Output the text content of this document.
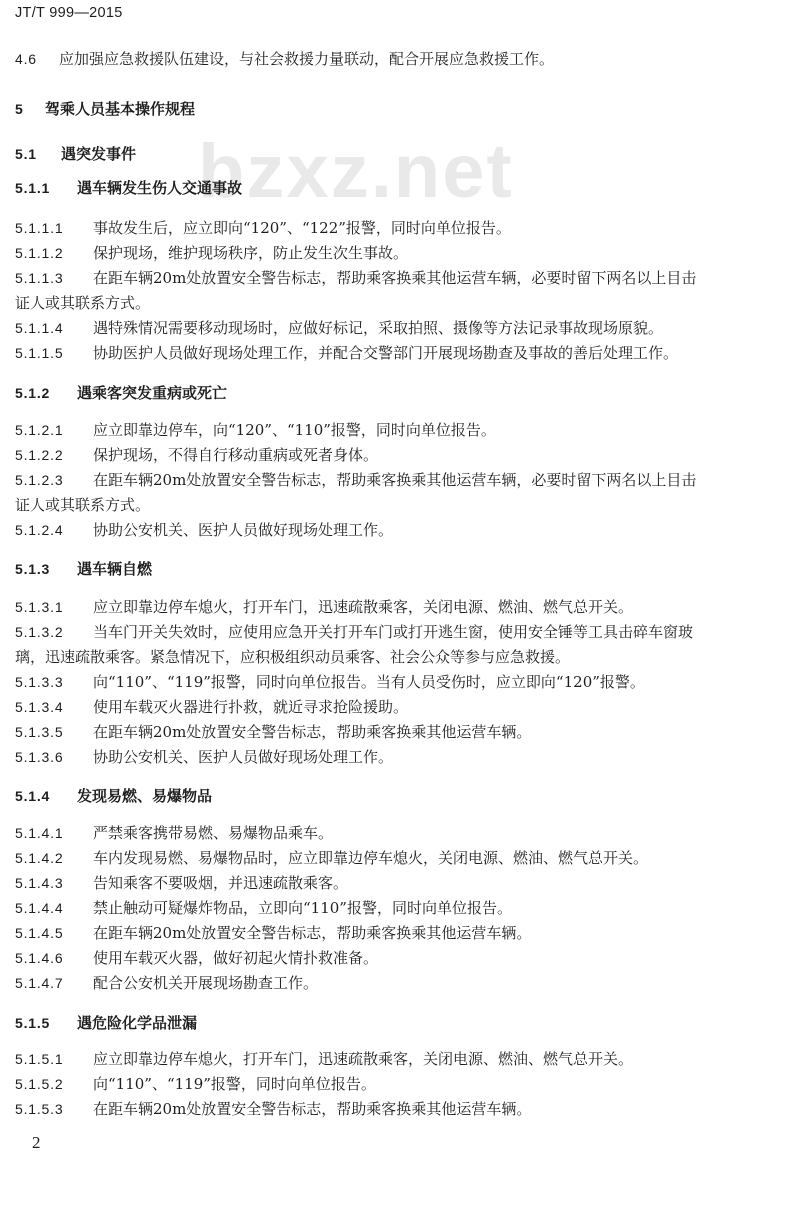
JT/T 999—2015
bzxz.net
4.6 应加强应急救援队伍建设，与社会救援力量联动，配合开展应急救援工作。
5 驾乘人员基本操作规程
5.1 遇突发事件
5.1.1 遇车辆发生伤人交通事故
5.1.1.1 事故发生后，应立即向“120”、“122”报警，同时向单位报告。
5.1.1.2 保护现场，维护现场秩序，防止发生次生事故。
5.1.1.3 在距车辆20m处放置安全警告标志，帮助乘客换乘其他运营车辆，必要时留下两名以上目击
证人或其联系方式。
5.1.1.4 遇特殊情况需要移动现场时，应做好标记，采取拍照、摄像等方法记录事故现场原貌。
5.1.1.5 协助医护人员做好现场处理工作，并配合交警部门开展现场勘查及事故的善后处理工作。
5.1.2 遇乘客突发重病或死亡
5.1.2.1 应立即靠边停车，向“120”、“110”报警，同时向单位报告。
5.1.2.2 保护现场，不得自行移动重病或死者身体。
5.1.2.3 在距车辆20m处放置安全警告标志，帮助乘客换乘其他运营车辆，必要时留下两名以上目击
证人或其联系方式。
5.1.2.4 协助公安机关、医护人员做好现场处理工作。
5.1.3 遇车辆自燃
5.1.3.1 应立即靠边停车熄火，打开车门，迅速疏散乘客，关闭电源、燃油、燃气总开关。
5.1.3.2 当车门开关失效时，应使用应急开关打开车门或打开逃生窗，使用安全锤等工具击碎车窗玻
璃，迅速疏散乘客。紧急情况下，应积极组织动员乘客、社会公众等参与应急救援。
5.1.3.3 向“110”、“119”报警，同时向单位报告。当有人员受伤时，应立即向“120”报警。
5.1.3.4 使用车载灭火器进行扑救，就近寻求抢险援助。
5.1.3.5 在距车辆20m处放置安全警告标志，帮助乘客换乘其他运营车辆。
5.1.3.6 协助公安机关、医护人员做好现场处理工作。
5.1.4 发现易燃、易爆物品
5.1.4.1 严禁乘客携带易燃、易爆物品乘车。
5.1.4.2 车内发现易燃、易爆物品时，应立即靠边停车熄火，关闭电源、燃油、燃气总开关。
5.1.4.3 告知乘客不要吸烟，并迅速疏散乘客。
5.1.4.4 禁止触动可疑爆炸物品，立即向“110”报警，同时向单位报告。
5.1.4.5 在距车辆20m处放置安全警告标志，帮助乘客换乘其他运营车辆。
5.1.4.6 使用车载灭火器，做好初起火情扑救准备。
5.1.4.7 配合公安机关开展现场勘查工作。
5.1.5 遇危险化学品泄漏
5.1.5.1 应立即靠边停车熄火，打开车门，迅速疏散乘客，关闭电源、燃油、燃气总开关。
5.1.5.2 向“110”、“119”报警，同时向单位报告。
5.1.5.3 在距车辆20m处放置安全警告标志，帮助乘客换乘其他运营车辆。
2
